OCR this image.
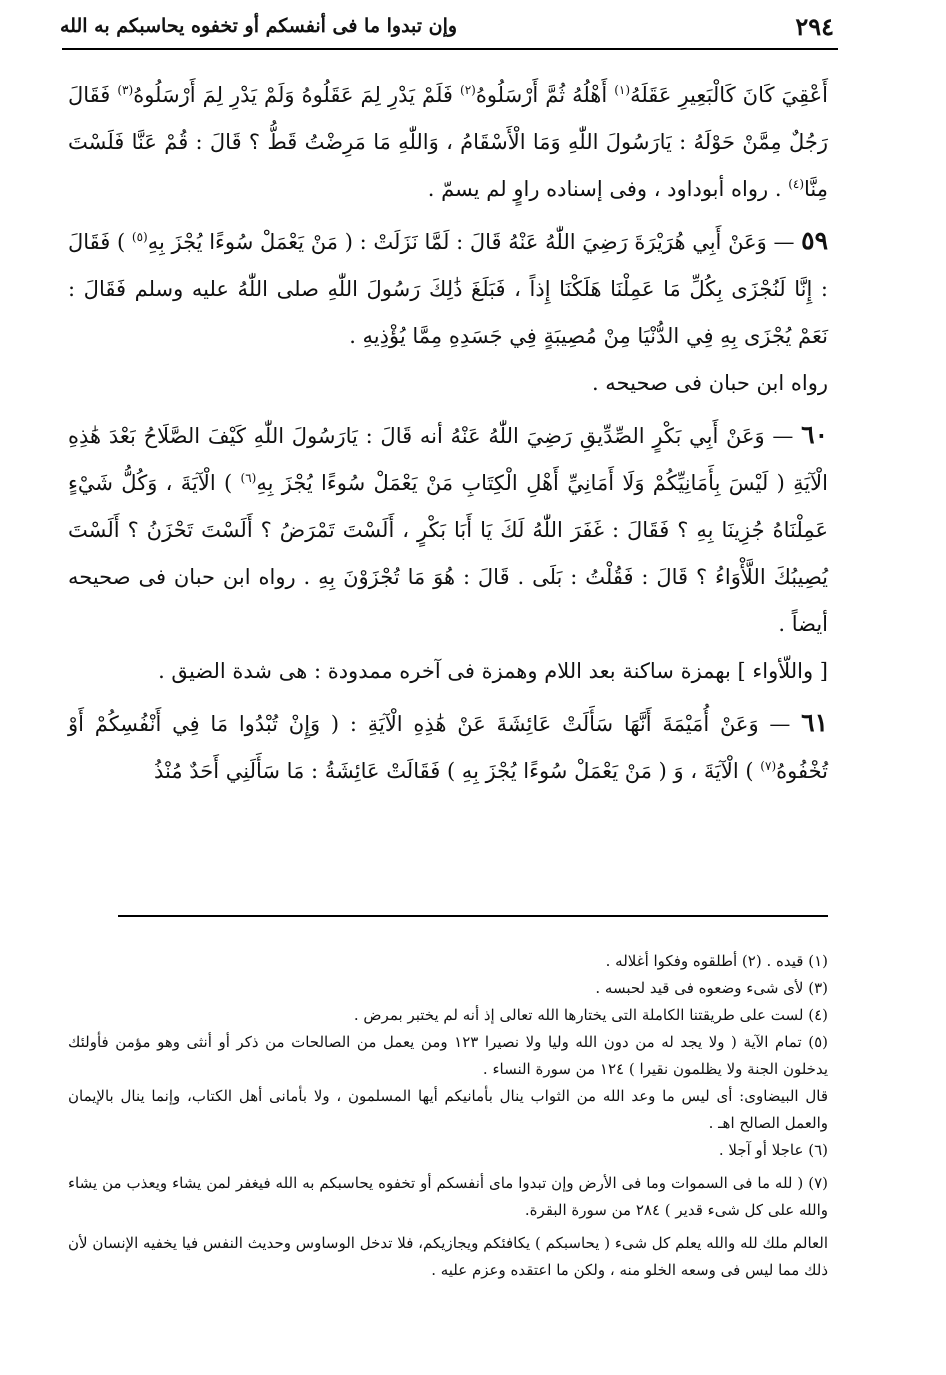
٢٩٤
وإن تبدوا ما فى أنفسكم أو تخفوه يحاسبكم به الله

أَعْقِيَ كَانَ كَالْبَعِيرِ عَقَلَهُ$^{(١)}$ أَهْلُهُ ثُمَّ أَرْسَلُوهُ$^{(٢)}$ فَلَمْ يَدْرِ لِمَ عَقَلُوهُ وَلَمْ يَدْرِ لِمَ أَرْسَلُوهُ$^{(٣)}$ فَقَالَ رَجُلٌ مِمَّنْ حَوْلَهُ : يَارَسُولَ اللّٰهِ وَمَا الْأَسْقَامُ ، وَاللّٰهِ مَا مَرِضْتُ قَطُّ ؟ قَالَ : قُمْ عَنَّا فَلَسْتَ مِنَّا$^{(٤)}$ . رواه أبوداود ، وفى إسناده راوٍ لم يسمّ .

٥٩ — وَعَنْ أَبِي هُرَيْرَةَ رَضِيَ اللّٰهُ عَنْهُ قَالَ : لَمَّا نَزَلَتْ : ( مَنْ يَعْمَلْ سُوءًا يُجْزَ بِهِ$^{(٥)}$ ) فَقَالَ : إِنَّا لَنُجْزَى بِكُلِّ مَا عَمِلْنَا هَلَكْنَا إِذاً ، فَبَلَغَ ذَٰلِكَ رَسُولَ اللّٰهِ صلى اللّٰهُ عليه وسلم فَقَالَ : نَعَمْ يُجْزَى بِهِ فِي الدُّنْيَا مِنْ مُصِيبَةٍ فِي جَسَدِهِ مِمَّا يُؤْذِيهِ .

رواه ابن حبان فى صحيحه .

٦٠ — وَعَنْ أَبِي بَكْرٍ الصِّدِّيقِ رَضِيَ اللّٰهُ عَنْهُ أنه قَالَ : يَارَسُولَ اللّٰهِ كَيْفَ الصَّلَاحُ بَعْدَ هَٰذِهِ الْآيَةِ ( لَيْسَ بِأَمَانِيِّكُمْ وَلَا أَمَانِيِّ أَهْلِ الْكِتَابِ مَنْ يَعْمَلْ سُوءًا يُجْزَ بِهِ$^{(٦)}$ ) الْآيَةَ ، وَكُلُّ شَيْءٍ عَمِلْنَاهُ جُزِينَا بِهِ ؟ فَقَالَ : غَفَرَ اللّٰهُ لَكَ يَا أَبَا بَكْرٍ ، أَلَسْتَ تَمْرَضُ ؟ أَلَسْتَ تَحْزَنُ ؟ أَلَسْتَ يُصِيبُكَ اللَّأْوَاءُ ؟ قَالَ : فَقُلْتُ : بَلَى . قَالَ : هُوَ مَا تُجْزَوْنَ بِهِ . رواه ابن حبان فى صحيحه أيضاً .

[ واللّأواء ] بهمزة ساكنة بعد اللام وهمزة فى آخره ممدودة : هى شدة الضيق .

٦١ — وَعَنْ أُمَيْمَةَ أَنَّهَا سَأَلَتْ عَائِشَةَ عَنْ هَٰذِهِ الْآيَةِ : ( وَإِنْ تُبْدُوا مَا فِي أَنْفُسِكُمْ أَوْ تُخْفُوهُ$^{(٧)}$ ) الْآيَةَ ، وَ ( مَنْ يَعْمَلْ سُوءًا يُجْزَ بِهِ ) فَقَالَتْ عَائِشَةُ : مَا سَأَلَنِي أَحَدٌ مُنْذُ

(١) قيده . (٢) أطلقوه وفكوا أغلاله .

(٣) لأى شىء وضعوه فى قيد لحبسه .

(٤) لست على طريقتنا الكاملة التى يختارها الله تعالى إذ أنه لم يختبر بمرض .

(٥) تمام الآية ( ولا يجد له من دون الله وليا ولا نصيرا ١٢٣ ومن يعمل من الصالحات من ذكر أو أنثى وهو مؤمن فأولئك يدخلون الجنة ولا يظلمون نقيرا ) ١٢٤ من سورة النساء .

قال البيضاوى: أى ليس ما وعد الله من الثواب ينال بأمانيكم أيها المسلمون ، ولا بأمانى أهل الكتاب، وإنما ينال بالإيمان والعمل الصالح اهـ .

(٦) عاجلا أو آجلا .

(٧) ( لله ما فى السموات وما فى الأرض وإن تبدوا ماى أنفسكم أو تخفوه يحاسبكم به الله فيغفر لمن يشاء ويعذب من يشاء والله على كل شىء قدير ) ٢٨٤ من سورة البقرة.

العالم ملك لله والله يعلم كل شىء ( يحاسبكم ) يكافئكم ويجازيكم، فلا تدخل الوساوس وحديث النفس فيا يخفيه الإنسان لأن ذلك مما ليس فى وسعه الخلو منه ، ولكن ما اعتقده وعزم عليه .
